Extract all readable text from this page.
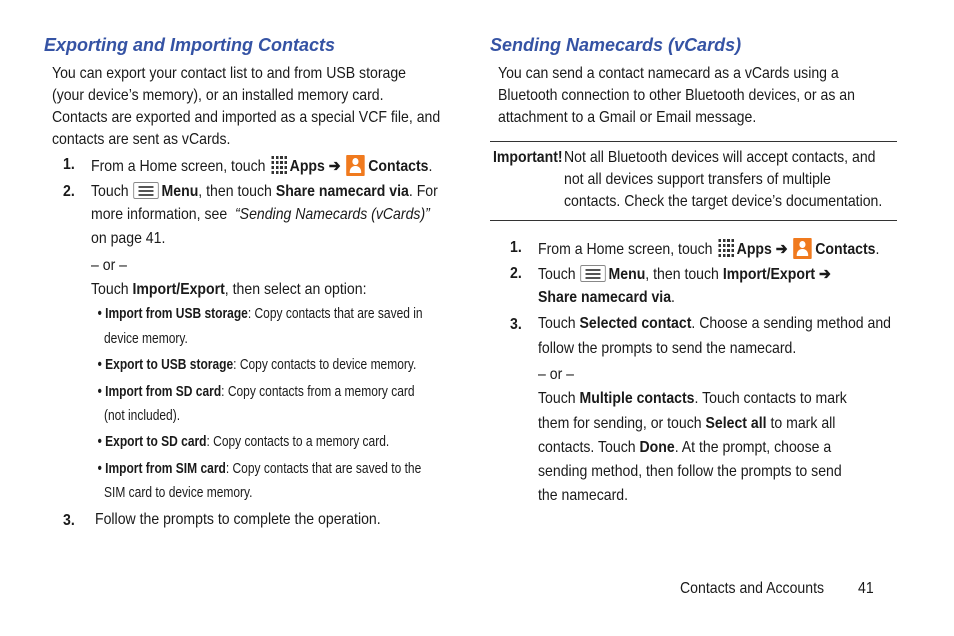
Exporting and Importing Contacts
You can export your contact list to and from USB storage
(your device’s memory), or an installed memory card.
Contacts are exported and imported as a special VCF file, and
contacts are sent as vCards.
1. From a Home screen, touch Apps ➔ Contacts.
2. Touch Menu, then touch Share namecard via. For
more information, see “Sending Namecards (vCards)”
on page 41.
– or –
Touch Import/Export, then select an option:
• Import from USB storage: Copy contacts that are saved in
device memory.
• Export to USB storage: Copy contacts to device memory.
• Import from SD card: Copy contacts from a memory card
(not included).
• Export to SD card: Copy contacts to a memory card.
• Import from SIM card: Copy contacts that are saved to the
SIM card to device memory.
3. Follow the prompts to complete the operation.
Sending Namecards (vCards)
You can send a contact namecard as a vCards using a
Bluetooth connection to other Bluetooth devices, or as an
attachment to a Gmail or Email message.
Important! Not all Bluetooth devices will accept contacts, and
not all devices support transfers of multiple
contacts. Check the target device’s documentation.
1. From a Home screen, touch Apps ➔ Contacts.
2. Touch Menu, then touch Import/Export ➔
Share namecard via.
3. Touch Selected contact. Choose a sending method and
follow the prompts to send the namecard.
– or –
Touch Multiple contacts. Touch contacts to mark
them for sending, or touch Select all to mark all
contacts. Touch Done. At the prompt, choose a
sending method, then follow the prompts to send
the namecard.
Contacts and Accounts	41
